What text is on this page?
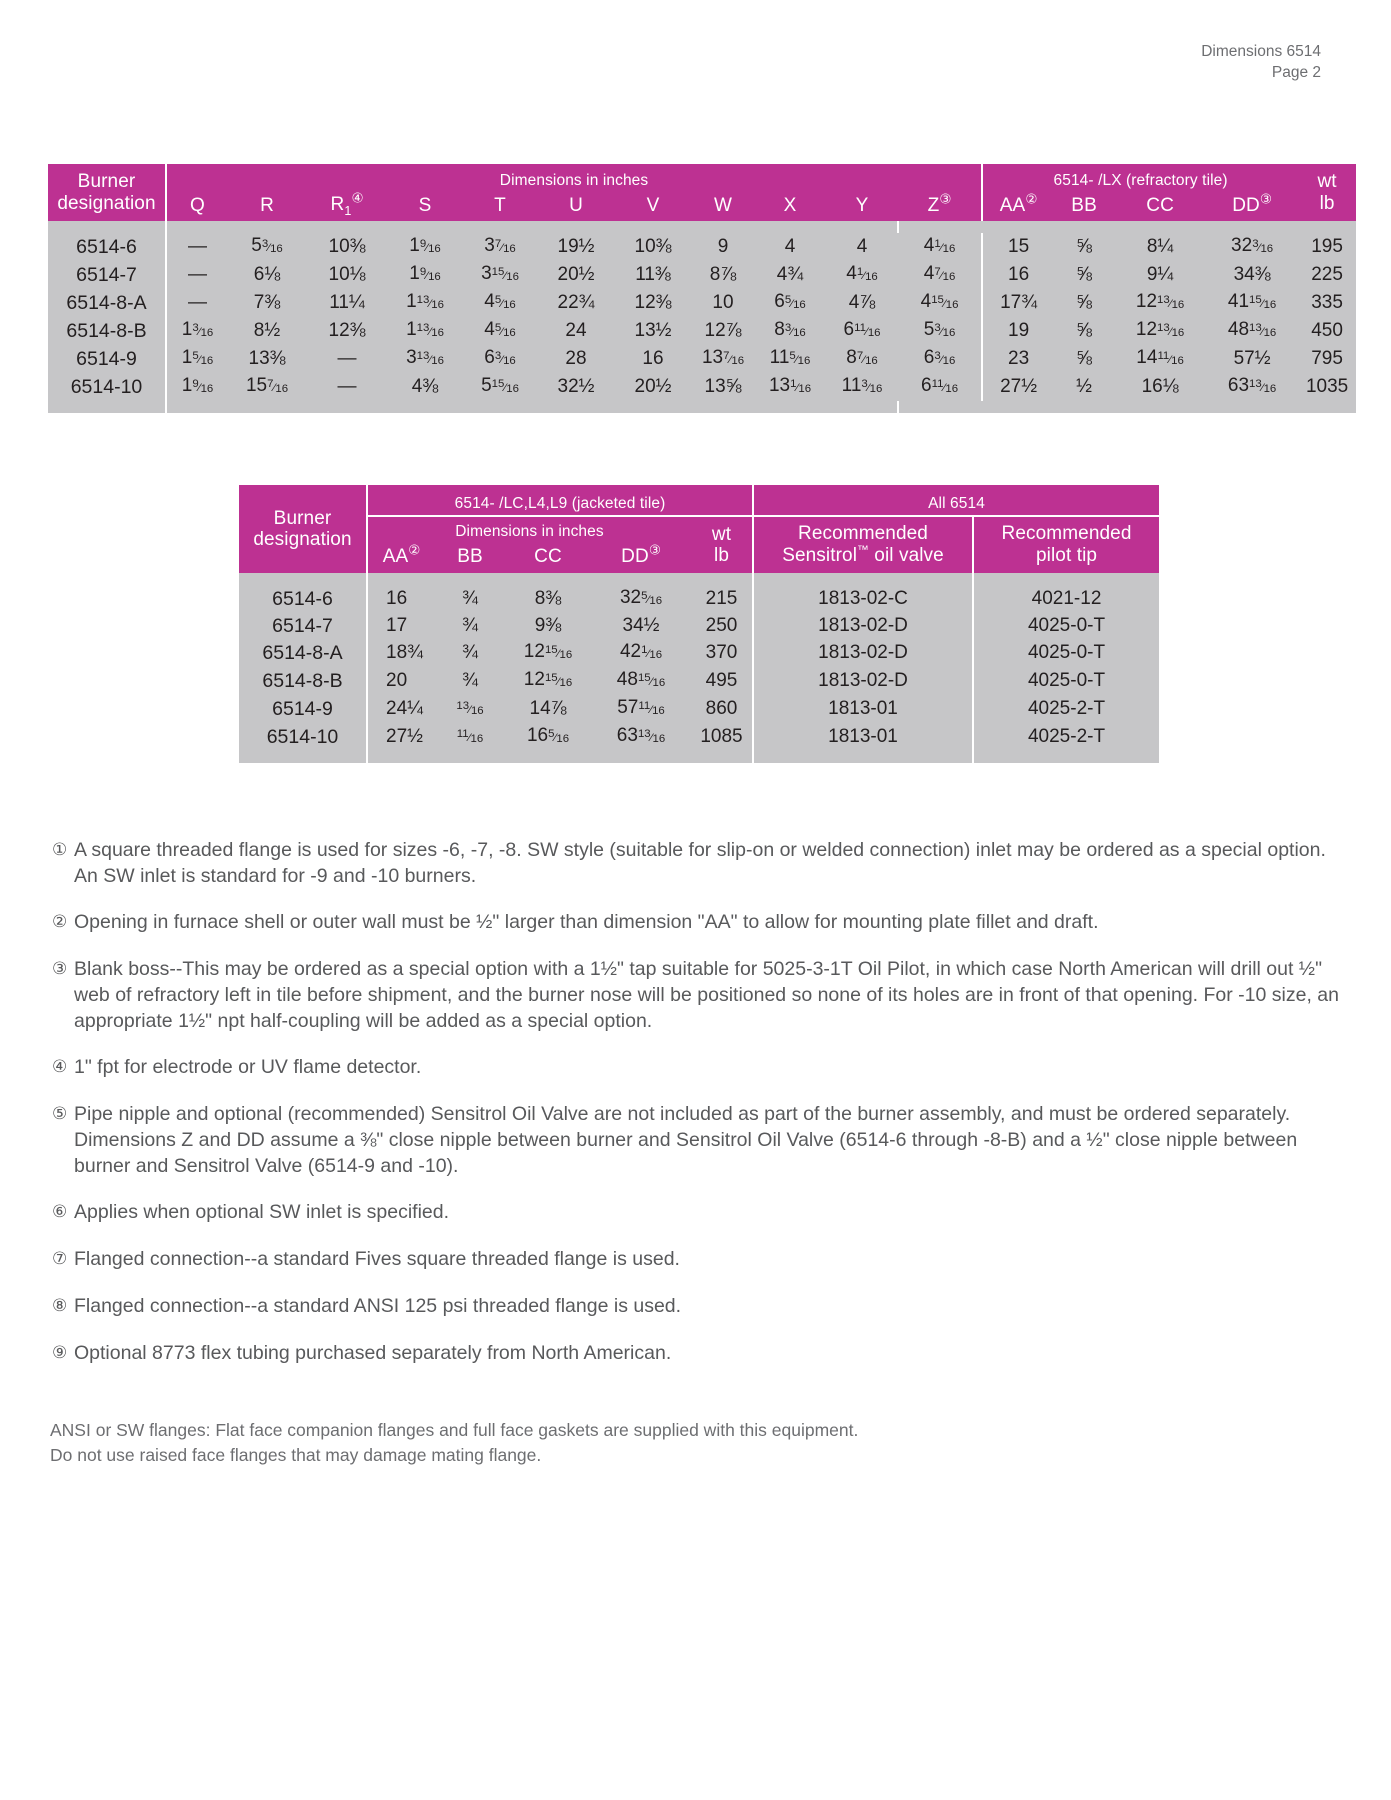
Dimensions 6514
Page 2
Burner designation	Dimensions in inches											6514- /LX (refractory tile)				wt
lb

	Q	R	$R_1^④$	S	T	U	V	W	X	Y	Z③	AA②	BB	CC	DD③

6514-6	—	53⁄16	10⅜	19⁄16	37⁄16	19½	10⅜	9	4	4	41⁄16	15	⅝	8¼	323⁄16	195
6514-7	—	6⅛	10⅛	19⁄16	315⁄16	20½	11⅜	8⅞	4¾	41⁄16	47⁄16	16	⅝	9¼	34⅜	225
6514-8-A	—	7⅜	11¼	113⁄16	45⁄16	22¾	12⅜	10	65⁄16	4⅞	415⁄16	17¾	⅝	1213⁄16	4115⁄16	335
6514-8-B	13⁄16	8½	12⅜	113⁄16	45⁄16	24	13½	12⅞	83⁄16	611⁄16	53⁄16	19	⅝	1213⁄16	4813⁄16	450
6514-9	15⁄16	13⅜	—	313⁄16	63⁄16	28	16	137⁄16	115⁄16	87⁄16	63⁄16	23	⅝	1411⁄16	57½	795
6514-10	19⁄16	157⁄16	—	4⅜	515⁄16	32½	20½	13⅝	131⁄16	113⁄16	611⁄16	27½	½	16⅛	6313⁄16	1035

Burner designation	6514- /LC,L4,L9 (jacketed tile)					All 6514	
Dimensions in inches	wt
lb

Recommended
Sensitrol™ oil valve

Recommended
pilot tip

	AA②	BB	CC	DD③

6514-6	16	¾	8⅜	325⁄16	215	1813-02-C	4021-12
6514-7	17	¾	9⅜	34½	250	1813-02-D	4025-0-T
6514-8-A	18¾	¾	1215⁄16	421⁄16	370	1813-02-D	4025-0-T
6514-8-B	20	¾	1215⁄16	4815⁄16	495	1813-02-D	4025-0-T
6514-9	24¼	13⁄16	14⅞	5711⁄16	860	1813-01	4025-2-T
6514-10	27½	11⁄16	165⁄16	6313⁄16	1085	1813-01	4025-2-T

① A square threaded flange is used for sizes -6, -7, -8. SW style (suitable for slip-on or welded connection) inlet may be ordered as a special option. An SW inlet is standard for -9 and -10 burners.
② Opening in furnace shell or outer wall must be ½" larger than dimension "AA" to allow for mounting plate fillet and draft.
③ Blank boss--This may be ordered as a special option with a 1½" tap suitable for 5025-3-1T Oil Pilot, in which case North American will drill out ½" web of refractory left in tile before shipment, and the burner nose will be positioned so none of its holes are in front of that opening. For -10 size, an appropriate 1½" npt half-coupling will be added as a special option.
④ 1" fpt for electrode or UV flame detector.
⑤ Pipe nipple and optional (recommended) Sensitrol Oil Valve are not included as part of the burner assembly, and must be ordered separately. Dimensions Z and DD assume a ⅜" close nipple between burner and Sensitrol Oil Valve (6514-6 through -8-B) and a ½" close nipple between burner and Sensitrol Valve (6514-9 and -10).
⑥ Applies when optional SW inlet is specified.
⑦ Flanged connection--a standard Fives square threaded flange is used.
⑧ Flanged connection--a standard ANSI 125 psi threaded flange is used.
⑨ Optional 8773 flex tubing purchased separately from North American.
ANSI or SW flanges: Flat face companion flanges and full face gaskets are supplied with this equipment.
Do not use raised face flanges that may damage mating flange.
